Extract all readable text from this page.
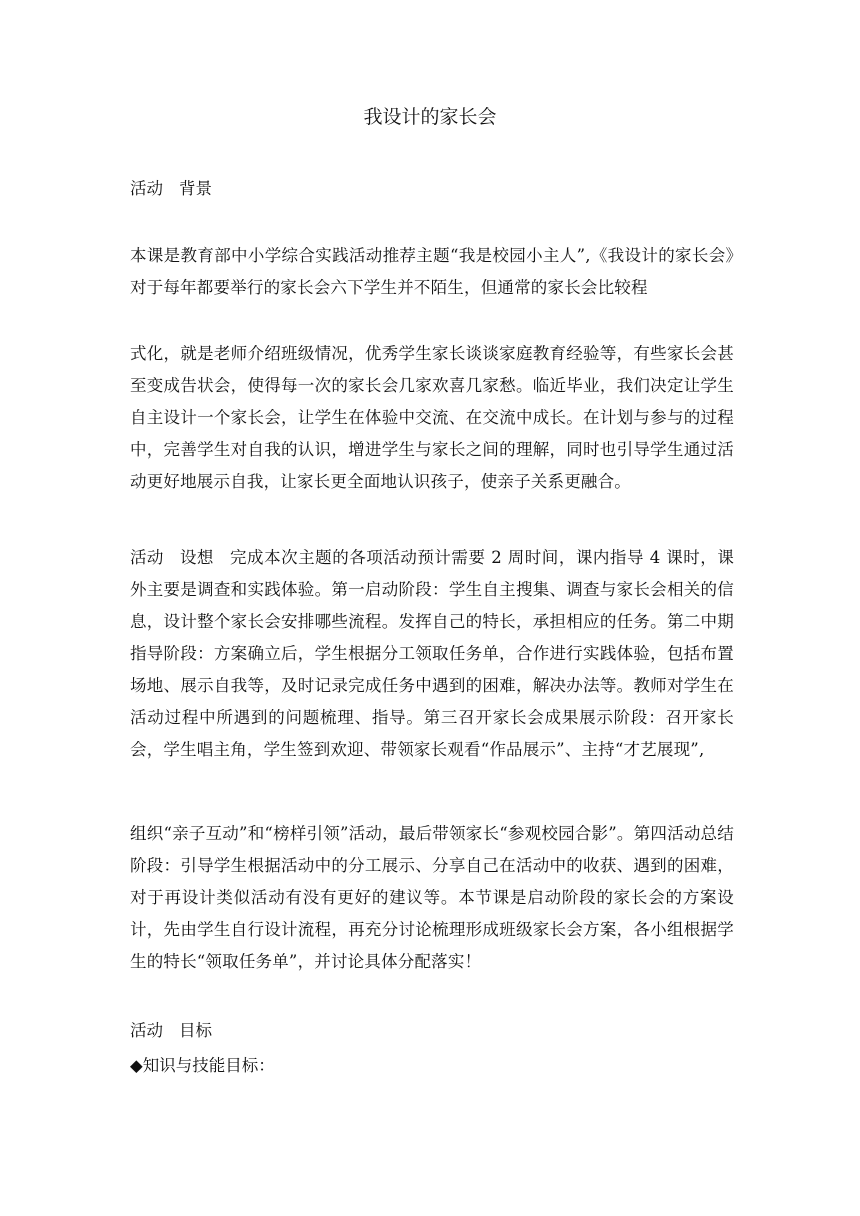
我设计的家长会
活动 背景
本课是教育部中小学综合实践活动推荐主题“我是校园小主人”,《我设计的家长会》对于每年都要举行的家长会六下学生并不陌生，但通常的家长会比较程
式化，就是老师介绍班级情况，优秀学生家长谈谈家庭教育经验等，有些家长会甚至变成告状会，使得每一次的家长会几家欢喜几家愁。临近毕业，我们决定让学生自主设计一个家长会，让学生在体验中交流、在交流中成长。在计划与参与的过程中，完善学生对自我的认识，增进学生与家长之间的理解，同时也引导学生通过活动更好地展示自我，让家长更全面地认识孩子，使亲子关系更融合。
活动 设想 完成本次主题的各项活动预计需要 2 周时间，课内指导 4 课时，课外主要是调查和实践体验。第一启动阶段：学生自主搜集、调查与家长会相关的信息，设计整个家长会安排哪些流程。发挥自己的特长，承担相应的任务。第二中期指导阶段：方案确立后，学生根据分工领取任务单，合作进行实践体验，包括布置场地、展示自我等，及时记录完成任务中遇到的困难，解决办法等。教师对学生在活动过程中所遇到的问题梳理、指导。第三召开家长会成果展示阶段：召开家长会，学生唱主角，学生签到欢迎、带领家长观看“作品展示”、主持“才艺展现”,
组织“亲子互动”和“榜样引领”活动，最后带领家长“参观校园合影”。第四活动总结阶段：引导学生根据活动中的分工展示、分享自己在活动中的收获、遇到的困难，对于再设计类似活动有没有更好的建议等。本节课是启动阶段的家长会的方案设计，先由学生自行设计流程，再充分讨论梳理形成班级家长会方案，各小组根据学生的特长“领取任务单”，并讨论具体分配落实！
活动 目标
◆知识与技能目标：
